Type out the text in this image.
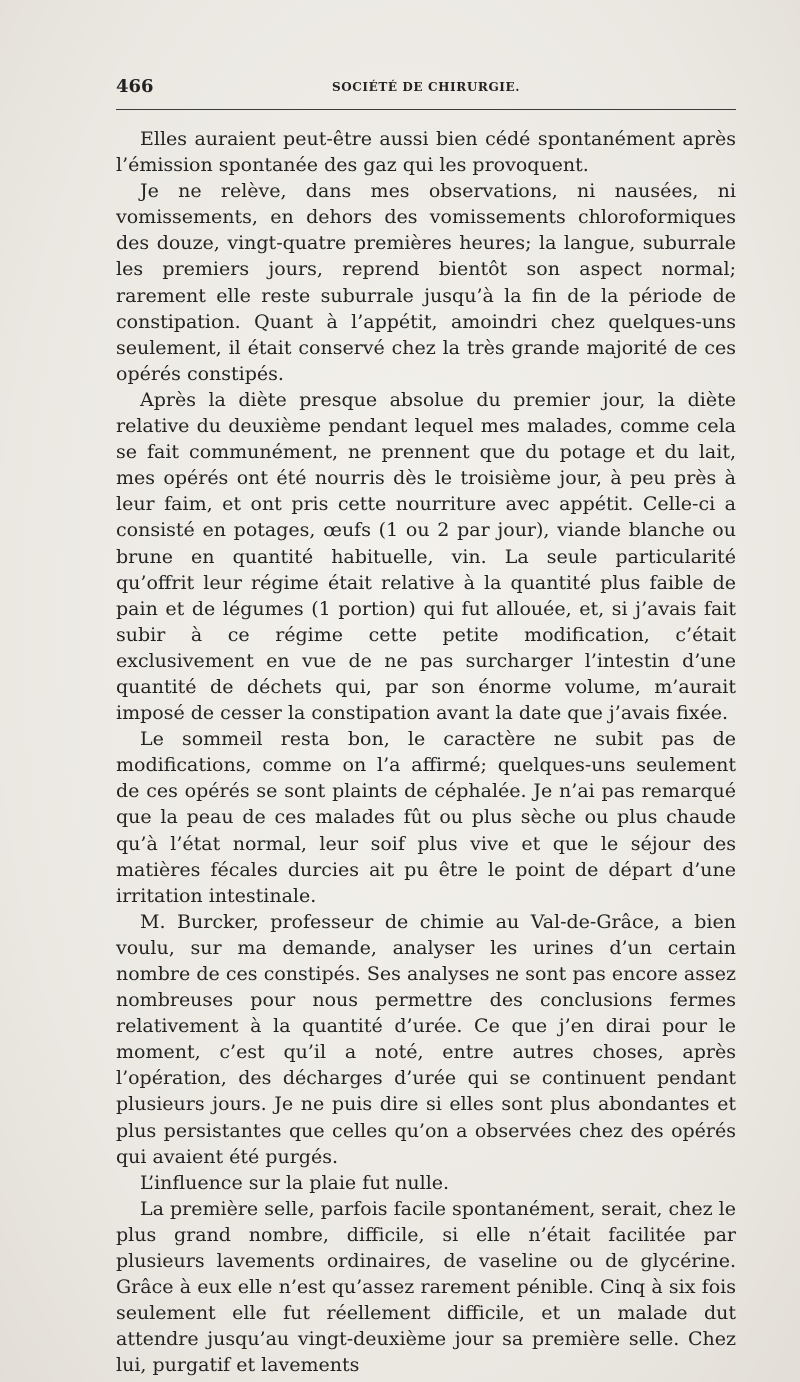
466	SOCIÉTÉ DE CHIRURGIE.

Elles auraient peut-être aussi bien cédé spontanément après l’émission spontanée des gaz qui les provoquent.

Je ne relève, dans mes observations, ni nausées, ni vomissements, en dehors des vomissements chloroformiques des douze, vingt-quatre premières heures; la langue, suburrale les premiers jours, reprend bientôt son aspect normal; rarement elle reste suburrale jusqu’à la fin de la période de constipation. Quant à l’appétit, amoindri chez quelques-uns seulement, il était conservé chez la très grande majorité de ces opérés constipés.

Après la diète presque absolue du premier jour, la diète relative du deuxième pendant lequel mes malades, comme cela se fait communément, ne prennent que du potage et du lait, mes opérés ont été nourris dès le troisième jour, à peu près à leur faim, et ont pris cette nourriture avec appétit. Celle-ci a consisté en potages, œufs (1 ou 2 par jour), viande blanche ou brune en quantité habituelle, vin. La seule particularité qu’offrit leur régime était relative à la quantité plus faible de pain et de légumes (1 portion) qui fut allouée, et, si j’avais fait subir à ce régime cette petite modification, c’était exclusivement en vue de ne pas surcharger l’intestin d’une quantité de déchets qui, par son énorme volume, m’aurait imposé de cesser la constipation avant la date que j’avais fixée.

Le sommeil resta bon, le caractère ne subit pas de modifications, comme on l’a affirmé; quelques-uns seulement de ces opérés se sont plaints de céphalée. Je n’ai pas remarqué que la peau de ces malades fût ou plus sèche ou plus chaude qu’à l’état normal, leur soif plus vive et que le séjour des matières fécales durcies ait pu être le point de départ d’une irritation intestinale.

M. Burcker, professeur de chimie au Val-de-Grâce, a bien voulu, sur ma demande, analyser les urines d’un certain nombre de ces constipés. Ses analyses ne sont pas encore assez nombreuses pour nous permettre des conclusions fermes relativement à la quantité d’urée. Ce que j’en dirai pour le moment, c’est qu’il a noté, entre autres choses, après l’opération, des décharges d’urée qui se continuent pendant plusieurs jours. Je ne puis dire si elles sont plus abondantes et plus persistantes que celles qu’on a observées chez des opérés qui avaient été purgés.

L’influence sur la plaie fut nulle.

La première selle, parfois facile spontanément, serait, chez le plus grand nombre, difficile, si elle n’était facilitée par plusieurs lavements ordinaires, de vaseline ou de glycérine. Grâce à eux elle n’est qu’assez rarement pénible. Cinq à six fois seulement elle fut réellement difficile, et un malade dut attendre jusqu’au vingt-deuxième jour sa première selle. Chez lui, purgatif et lavements
